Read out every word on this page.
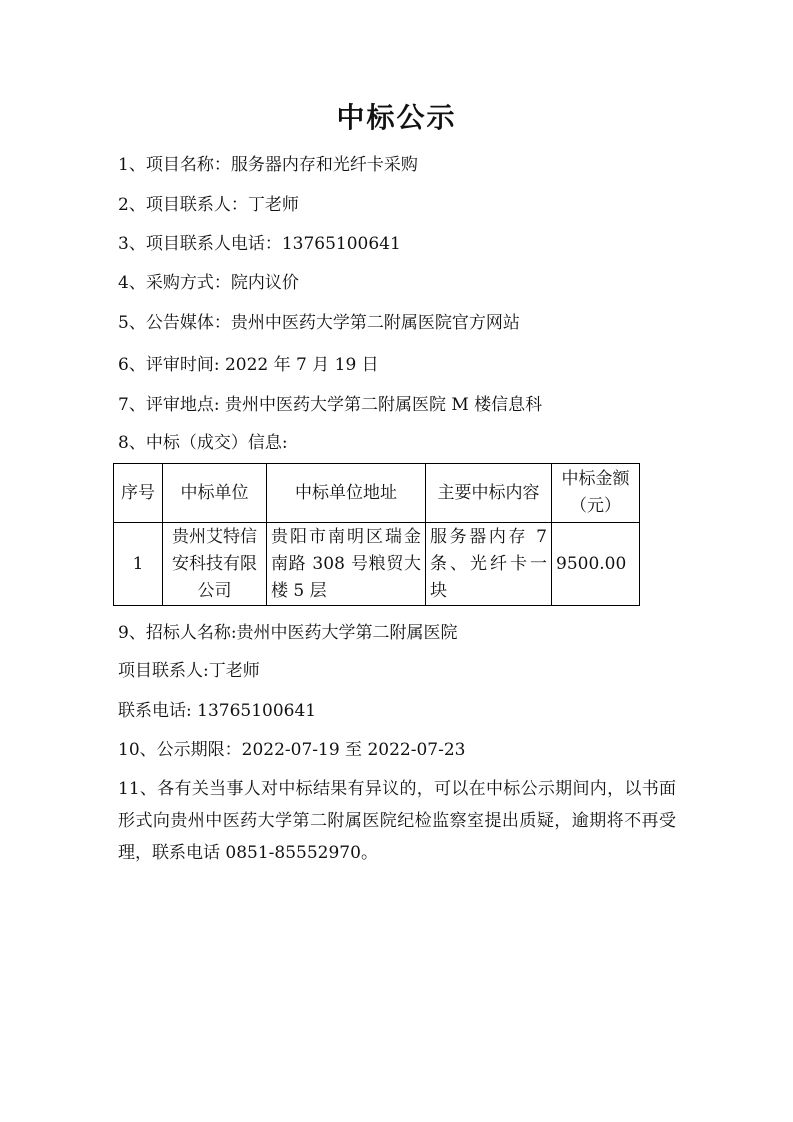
中标公示
1、项目名称：服务器内存和光纤卡采购
2、项目联系人：丁老师
3、项目联系人电话：13765100641
4、采购方式：院内议价
5、公告媒体：贵州中医药大学第二附属医院官方网站
6、评审时间: 2022 年 7 月 19 日
7、评审地点: 贵州中医药大学第二附属医院 M 楼信息科
8、中标（成交）信息:
序号	中标单位	中标单位地址	主要中标内容	中标金额（元）
1	贵州艾特信安科技有限公司	贵阳市南明区瑞金南路 308 号粮贸大楼 5 层	服务器内存 7 条、光纤卡一块	9500.00
9、招标人名称:贵州中医药大学第二附属医院
项目联系人:丁老师
联系电话: 13765100641
10、公示期限：2022-07-19 至 2022-07-23
11、各有关当事人对中标结果有异议的，可以在中标公示期间内，以书面形式向贵州中医药大学第二附属医院纪检监察室提出质疑，逾期将不再受理，联系电话 0851-85552970。
